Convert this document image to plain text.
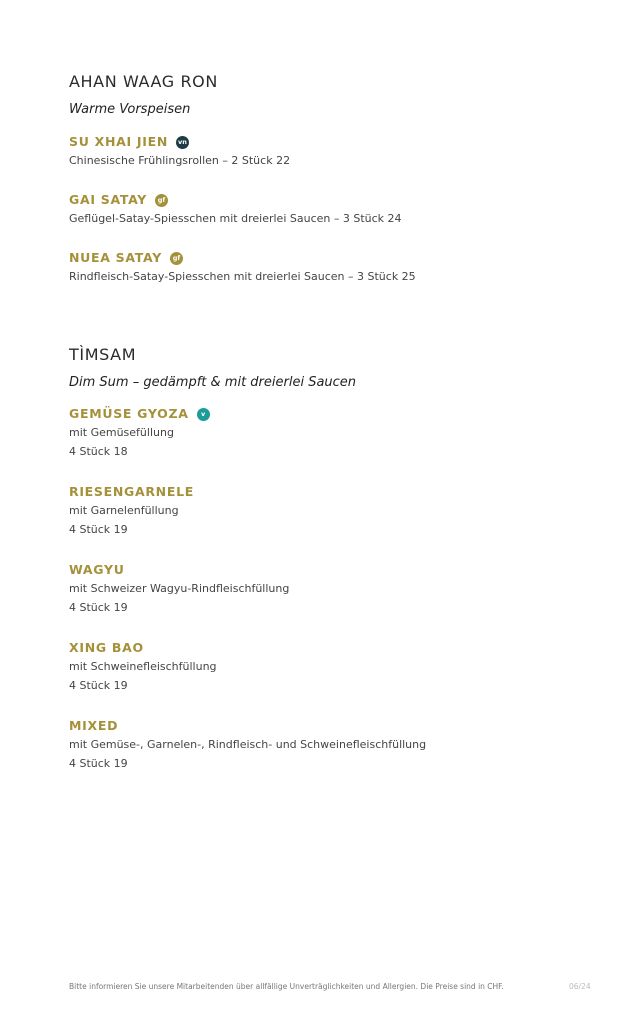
AHAN WAAG RON
Warme Vorspeisen
SU XHAI JIEN	vn
Chinesische Frühlingsrollen – 2 Stück 22
GAI SATAY	gf
Geflügel-Satay-Spiesschen mit dreierlei Saucen – 3 Stück 24
NUEA SATAY	gf
Rindfleisch-Satay-Spiesschen mit dreierlei Saucen – 3 Stück 25
TÌMSAM
Dim Sum – gedämpft & mit dreierlei Saucen
GEMÜSE GYOZA	v
mit Gemüsefüllung
4 Stück 18
RIESENGARNELE
mit Garnelenfüllung
4 Stück 19
WAGYU
mit Schweizer Wagyu-Rindfleischfüllung
4 Stück 19
XING BAO
mit Schweinefleischfüllung
4 Stück 19
MIXED
mit Gemüse-, Garnelen-, Rindfleisch- und Schweinefleischfüllung
4 Stück 19
Bitte informieren Sie unsere Mitarbeitenden über allfällige Unverträglichkeiten und Allergien. Die Preise sind in CHF.	06/24
